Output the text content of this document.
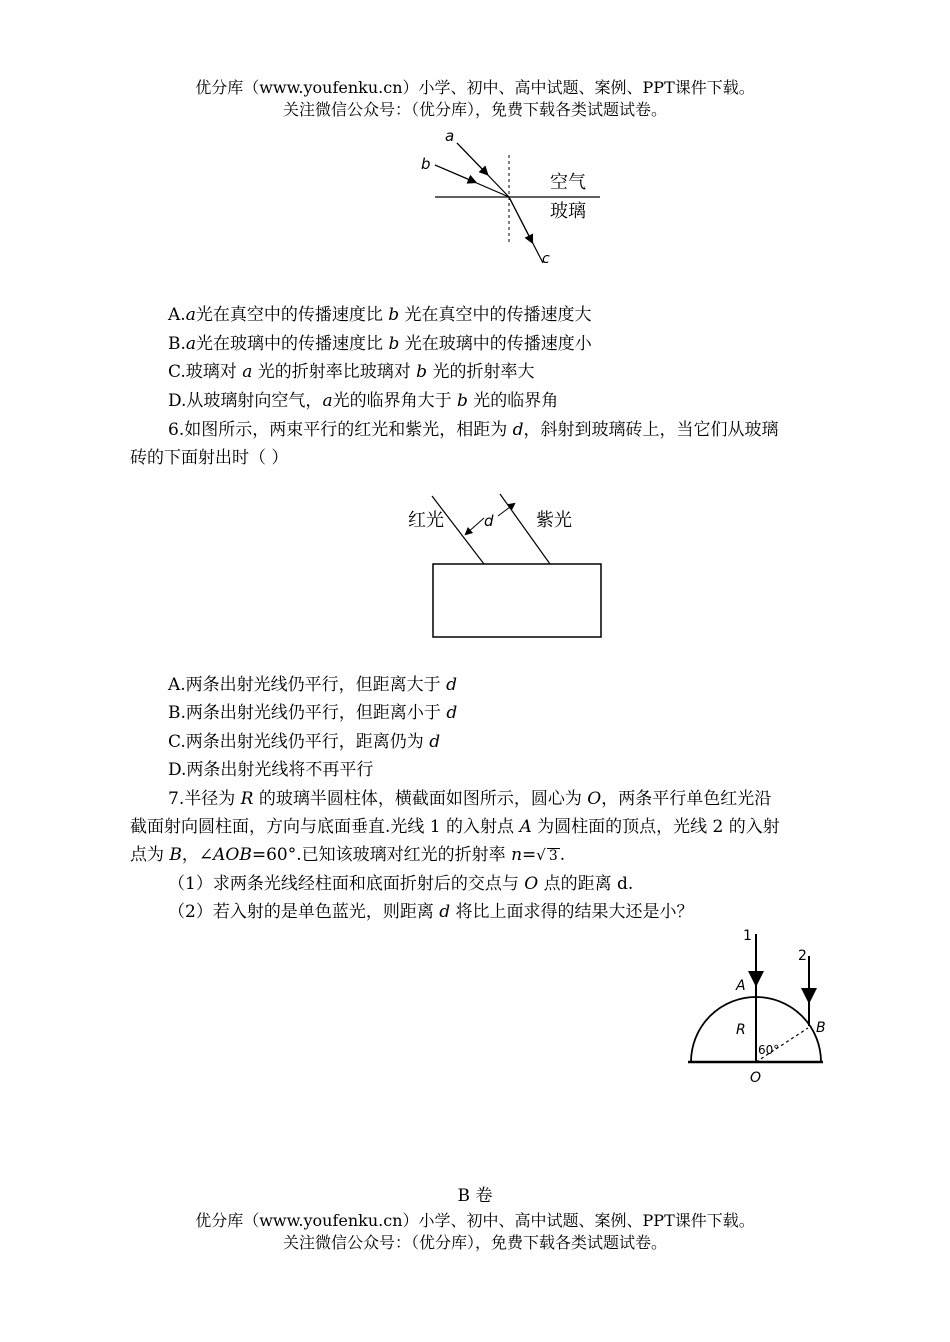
优分库（www.youfenku.cn）小学、初中、高中试题、案例、PPT课件下载。
关注微信公众号：（优分库），免费下载各类试题试卷。
a
b
c
空气
玻璃
A.a光在真空中的传播速度比 b 光在真空中的传播速度大
B.a光在玻璃中的传播速度比 b 光在玻璃中的传播速度小
C.玻璃对 a 光的折射率比玻璃对 b 光的折射率大
D.从玻璃射向空气，a光的临界角大于 b 光的临界角
6.如图所示，两束平行的红光和紫光，相距为 d，斜射到玻璃砖上，当它们从玻璃
砖的下面射出时（ ）
红光	紫光
d
A.两条出射光线仍平行，但距离大于 d
B.两条出射光线仍平行，但距离小于 d
C.两条出射光线仍平行，距离仍为 d
D.两条出射光线将不再平行
7.半径为 R 的玻璃半圆柱体，横截面如图所示，圆心为 O，两条平行单色红光沿
截面射向圆柱面，方向与底面垂直.光线 1 的入射点 A 为圆柱面的顶点，光线 2 的入射
点为 B，∠AOB=60°.已知该玻璃对红光的折射率 n=√ 3 .
（1）求两条光线经柱面和底面折射后的交点与 O 点的距离 d.
（2）若入射的是单色蓝光，则距离 d 将比上面求得的结果大还是小？
1
2
A
B
R
O
60°
B 卷
优分库（www.youfenku.cn）小学、初中、高中试题、案例、PPT课件下载。
关注微信公众号：（优分库），免费下载各类试题试卷。
